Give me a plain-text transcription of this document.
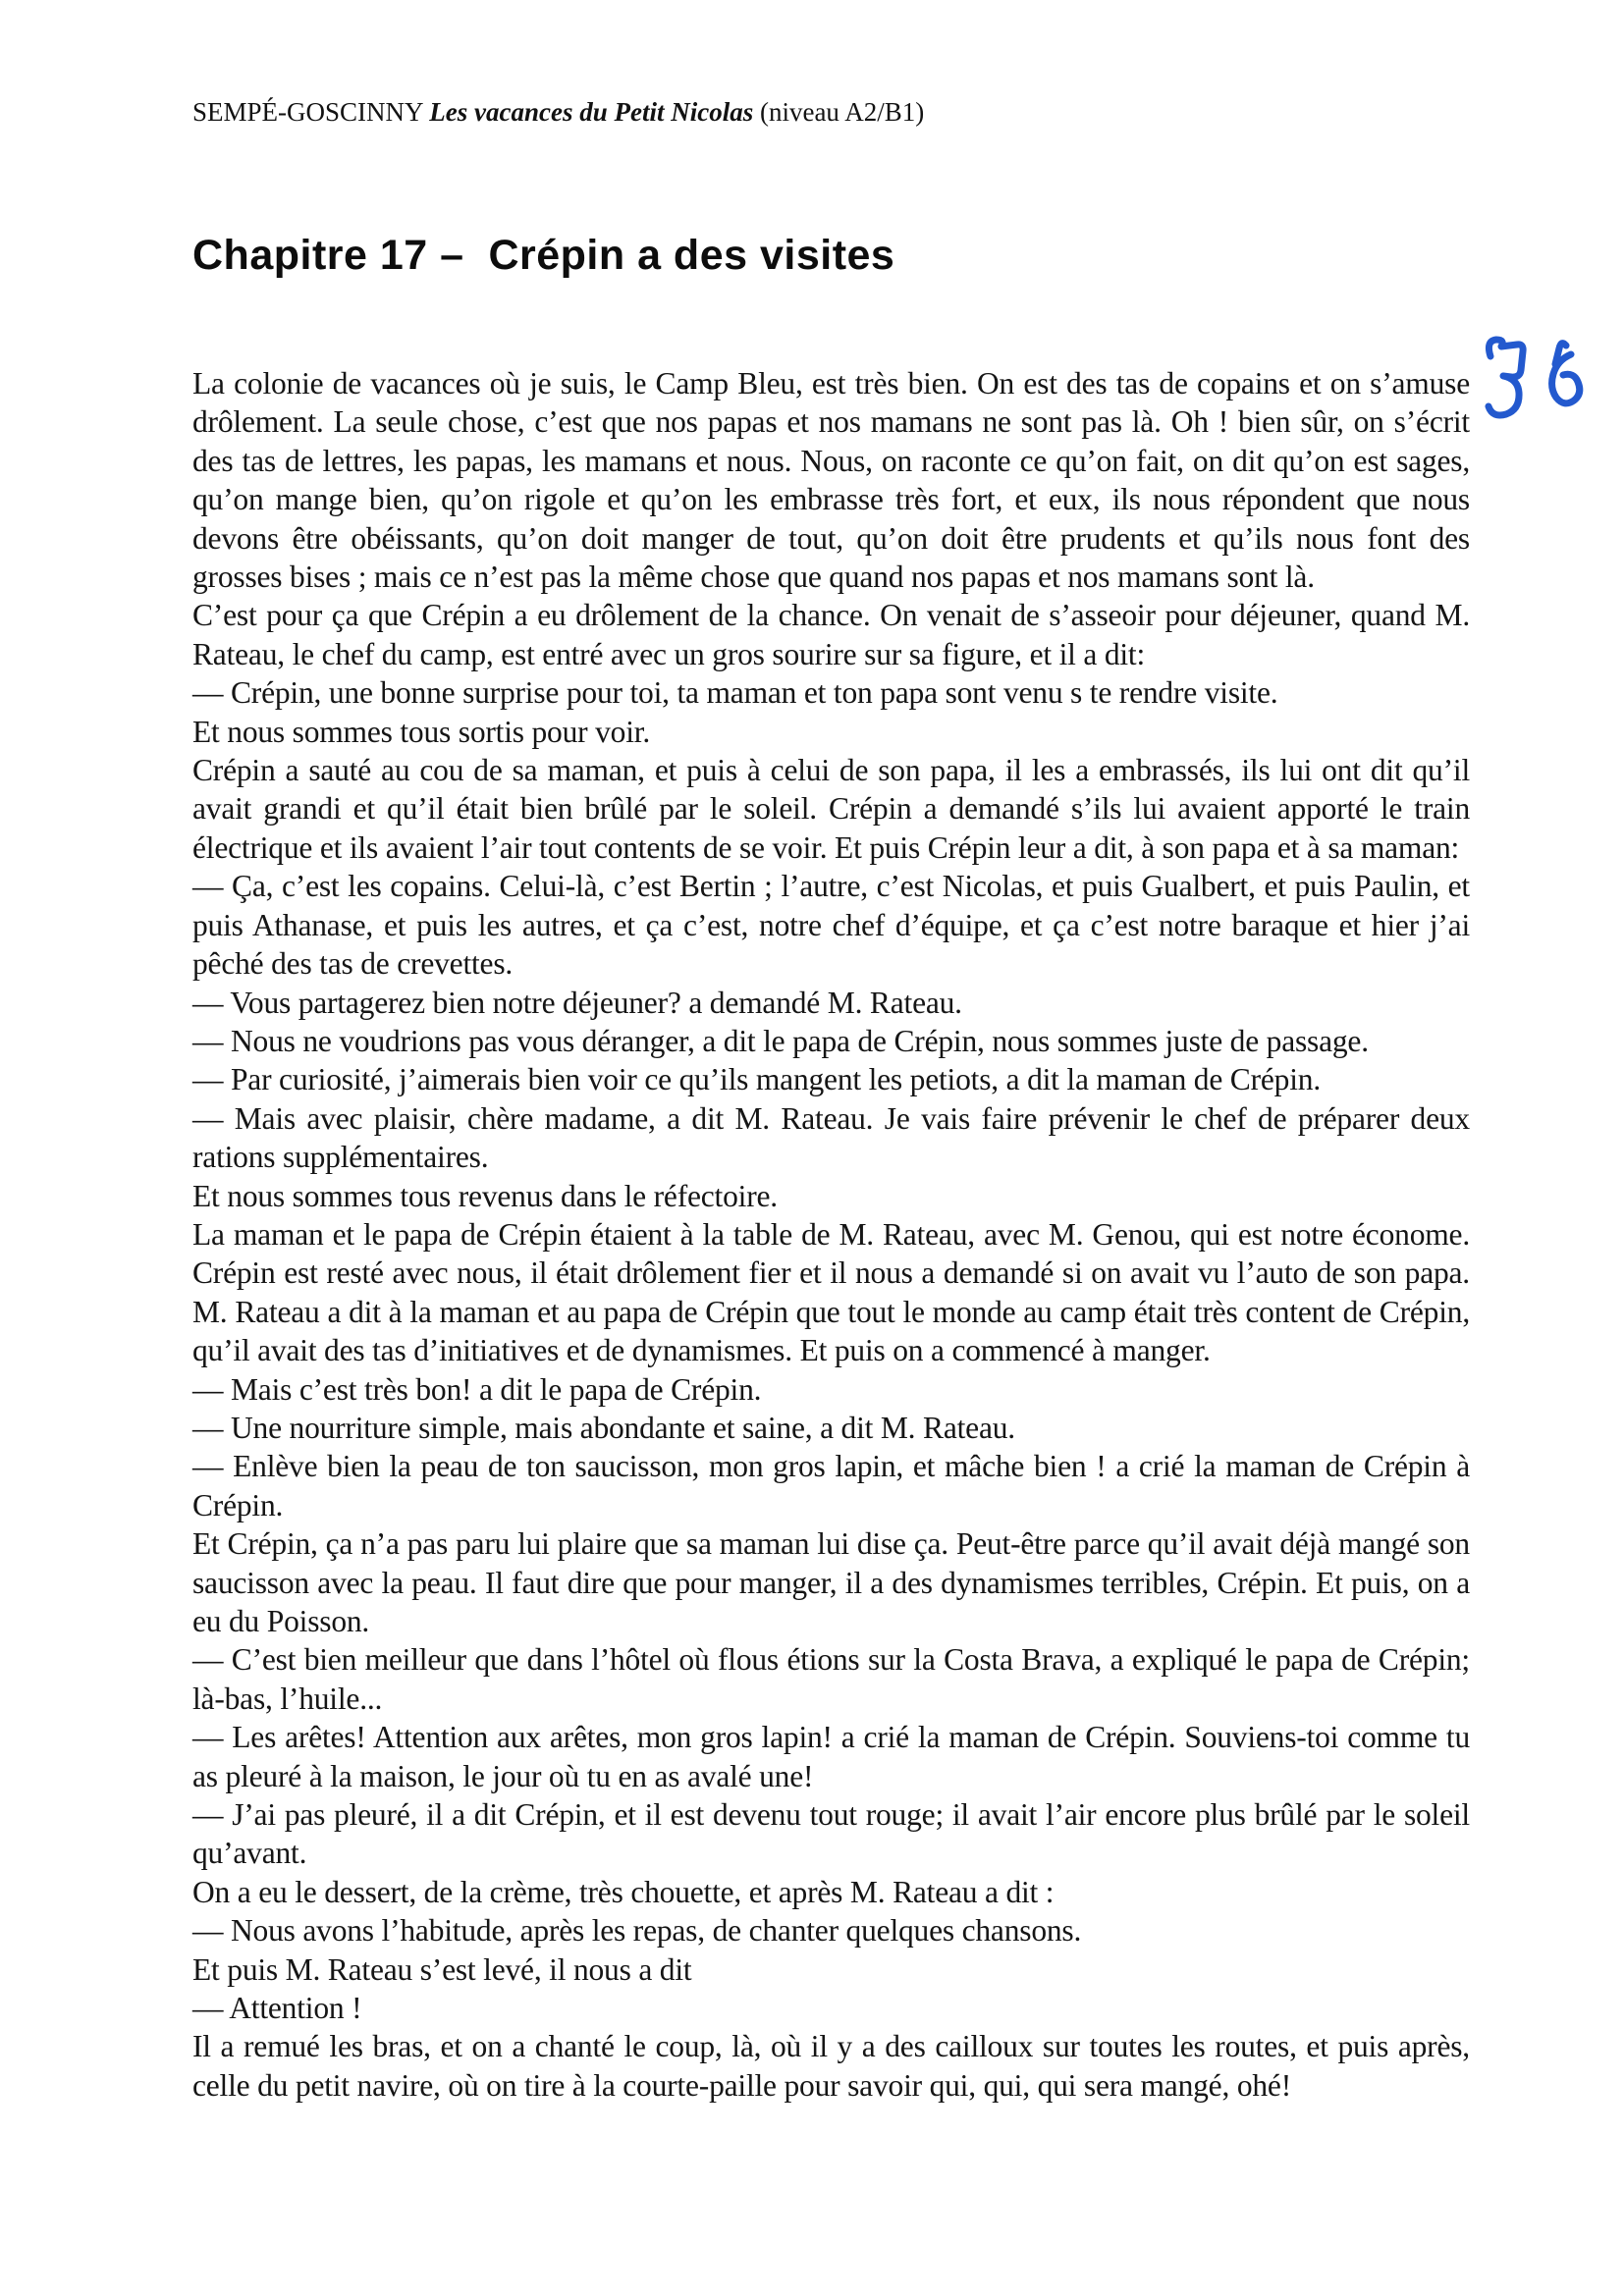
SEMPÉ-GOSCINNY Les vacances du Petit Nicolas (niveau A2/B1)
Chapitre 17 –  Crépin a des visites

La colonie de vacances où je suis, le Camp Bleu, est très bien. On est des tas de copains et on s’amuse drôlement. La seule chose, c’est que nos papas et nos mamans ne sont pas là. Oh ! bien sûr, on s’écrit des tas de lettres, les papas, les mamans et nous. Nous, on raconte ce qu’on fait, on dit qu’on est sages, qu’on mange bien, qu’on rigole et qu’on les embrasse très fort, et eux, ils nous répondent que nous devons être obéissants, qu’on doit manger de tout, qu’on doit être prudents et qu’ils nous font des grosses bises ; mais ce n’est pas la même chose que quand nos papas et nos mamans sont là.

C’est pour ça que Crépin a eu drôlement de la chance. On venait de s’asseoir pour déjeuner, quand M. Rateau, le chef du camp, est entré avec un gros sourire sur sa figure, et il a dit:

— Crépin, une bonne surprise pour toi, ta maman et ton papa sont venu s te rendre visite.

Et nous sommes tous sortis pour voir.

Crépin a sauté au cou de sa maman, et puis à celui de son papa, il les a embrassés, ils lui ont dit qu’il avait grandi et qu’il était bien brûlé par le soleil. Crépin a demandé s’ils lui avaient apporté le train électrique et ils avaient l’air tout contents de se voir. Et puis Crépin leur a dit, à son papa et à sa maman:

— Ça, c’est les copains. Celui-là, c’est Bertin ; l’autre, c’est Nicolas, et puis Gualbert, et puis Paulin, et puis Athanase, et puis les autres, et ça c’est, notre chef d’équipe, et ça c’est notre baraque et hier j’ai pêché des tas de crevettes.

— Vous partagerez bien notre déjeuner? a demandé M. Rateau.

— Nous ne voudrions pas vous déranger, a dit le papa de Crépin, nous sommes juste de passage.

— Par curiosité, j’aimerais bien voir ce qu’ils mangent les petiots, a dit la maman de Crépin.

— Mais avec plaisir, chère madame, a dit M. Rateau. Je vais faire prévenir le chef de préparer deux rations supplémentaires.

Et nous sommes tous revenus dans le réfectoire.

La maman et le papa de Crépin étaient à la table de M. Rateau, avec M. Genou, qui est notre économe. Crépin est resté avec nous, il était drôlement fier et il nous a demandé si on avait vu l’auto de son papa. M. Rateau a dit à la maman et au papa de Crépin que tout le monde au camp était très content de Crépin, qu’il avait des tas d’initiatives et de dynamismes. Et puis on a commencé à manger.

— Mais c’est très bon! a dit le papa de Crépin.

— Une nourriture simple, mais abondante et saine, a dit M. Rateau.

— Enlève bien la peau de ton saucisson, mon gros lapin, et mâche bien ! a crié la maman de Crépin à Crépin.

Et Crépin, ça n’a pas paru lui plaire que sa maman lui dise ça. Peut-être parce qu’il avait déjà mangé son saucisson avec la peau. Il faut dire que pour manger, il a des dynamismes terribles, Crépin. Et puis, on a eu du Poisson.

— C’est bien meilleur que dans l’hôtel où flous étions sur la Costa Brava, a expliqué le papa de Crépin; là-bas, l’huile...

— Les arêtes! Attention aux arêtes, mon gros lapin! a crié la maman de Crépin. Souviens-toi comme tu as pleuré à la maison, le jour où tu en as avalé une!

— J’ai pas pleuré, il a dit Crépin, et il est devenu tout rouge; il avait l’air encore plus brûlé par le soleil qu’avant.

On a eu le dessert, de la crème, très chouette, et après M. Rateau a dit :

— Nous avons l’habitude, après les repas, de chanter quelques chansons.

Et puis M. Rateau s’est levé, il nous a dit

— Attention !

Il a remué les bras, et on a chanté le coup, là, où il y a des cailloux sur toutes les routes, et puis après, celle du petit navire, où on tire à la courte-paille pour savoir qui, qui, qui sera mangé, ohé!
